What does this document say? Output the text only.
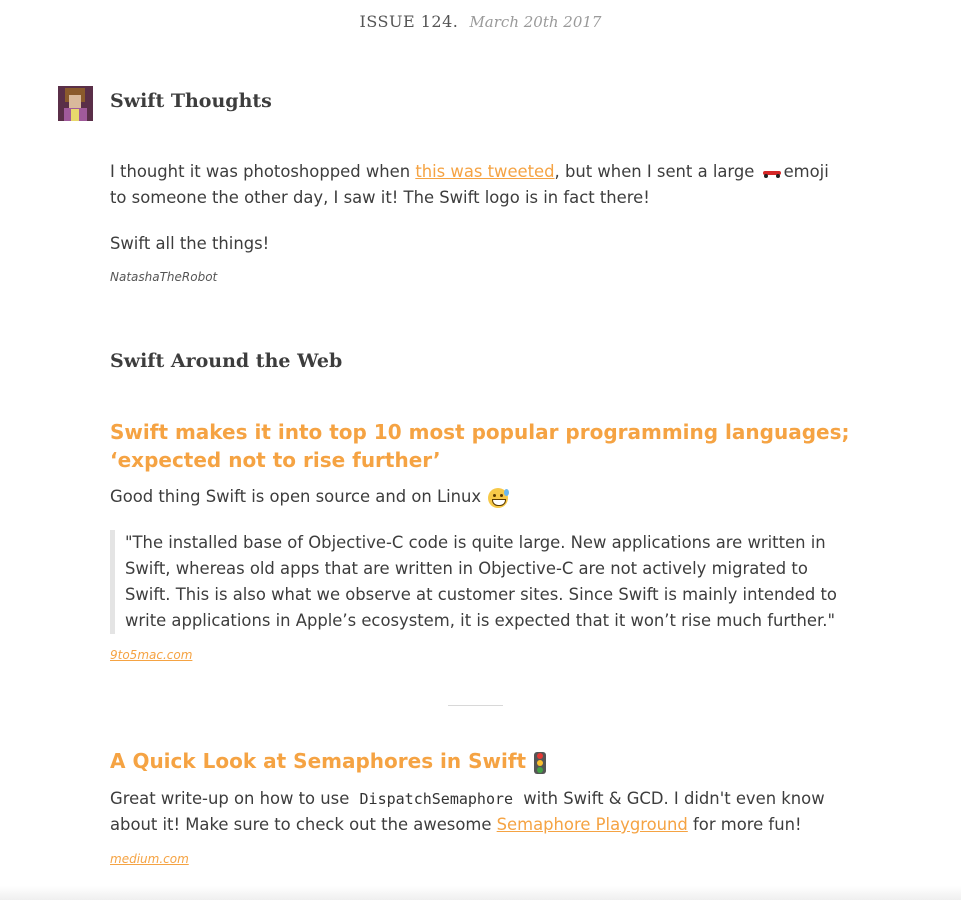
ISSUE 124. March 20th 2017
Swift Thoughts

I thought it was photoshopped when this was tweeted, but when I sent a large
emoji to someone the other day, I saw it! The Swift logo is in fact there!

Swift all the things!

NatashaTheRobot
Swift Around the Web
Swift makes it into top 10 most popular programming languages; ‘expected not to rise further’

Good thing Swift is open source and on Linux

"The installed base of Objective-C code is quite large. New applications are written in Swift, whereas old apps that are written in Objective-C are not actively migrated to Swift. This is also what we observe at customer sites. Since Swift is mainly intended to write applications in Apple’s ecosystem, it is expected that it won’t rise much further."
9to5mac.com
A Quick Look at Semaphores in Swift

Great write-up on how to use DispatchSemaphore with Swift & GCD. I didn't even know about it! Make sure to check out the awesome Semaphore Playground for more fun!

medium.com
